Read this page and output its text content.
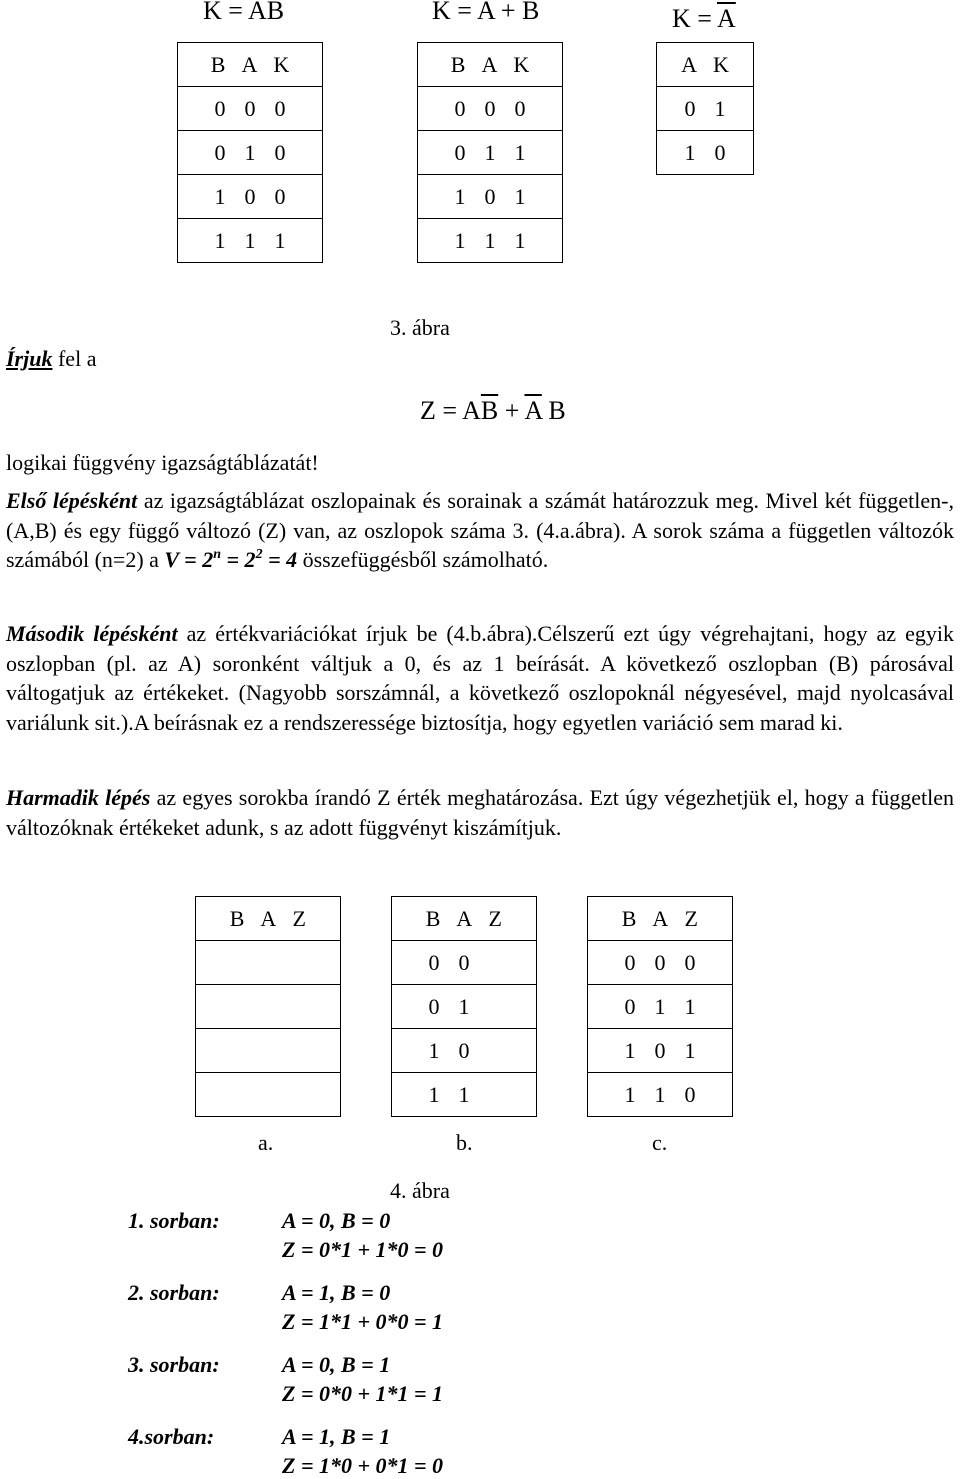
$K = A\overline{B}$	K = A + B	$K = \overline{A}$
B A K
0 0 0
0 1 0
1 0 0
1 1 1
B A K
0 0 0
0 1 1
1 0 1
1 1 1
A K
0 1
1 0
3. ábra
Írjuk fel a
$Z = A\overline{B} + \overline{A}$ B
logikai függvény igazságtáblázatát!
Első lépésként az igazságtáblázat oszlopainak és sorainak a számát határozzuk meg. Mivel két független-, (A,B) és egy függő változó (Z) van, az oszlopok száma 3. (4.a.ábra). A sorok száma a független változók számából (n=2) a $V = 2^n = 2^2 = 4$ összefüggésből számolható.
Második lépésként az értékvariációkat írjuk be (4.b.ábra).Célszerű ezt úgy végrehajtani, hogy az egyik oszlopban (pl. az A) soronként váltjuk a 0, és az 1 beírását. A következő oszlopban (B) párosával váltogatjuk az értékeket. (Nagyobb sorszámnál, a következő oszlopoknál négyesével, majd nyolcasával variálunk sit.).A beírásnak ez a rendszeressége biztosítja, hogy egyetlen variáció sem marad ki.
Harmadik lépés az egyes sorokba írandó Z érték meghatározása. Ezt úgy végezhetjük el, hogy a független változóknak értékeket adunk, s az adott függvényt kiszámítjuk.
B A Z	B A Z
0 0
0 1
1 0
1 1
B A Z
0 0 0
0 1 1
1 0 1
1 1 0
a.	b.	c.
4. ábra
1. sorban:	A = 0, B = 0
Z = 0*1 + 1*0 = 0
2. sorban:	A = 1, B = 0
Z = 1*1 + 0*0 = 1
3. sorban:	A = 0, B = 1
Z = 0*0 + 1*1 = 1
4.sorban:	A = 1, B = 1
Z = 1*0 + 0*1 = 0
